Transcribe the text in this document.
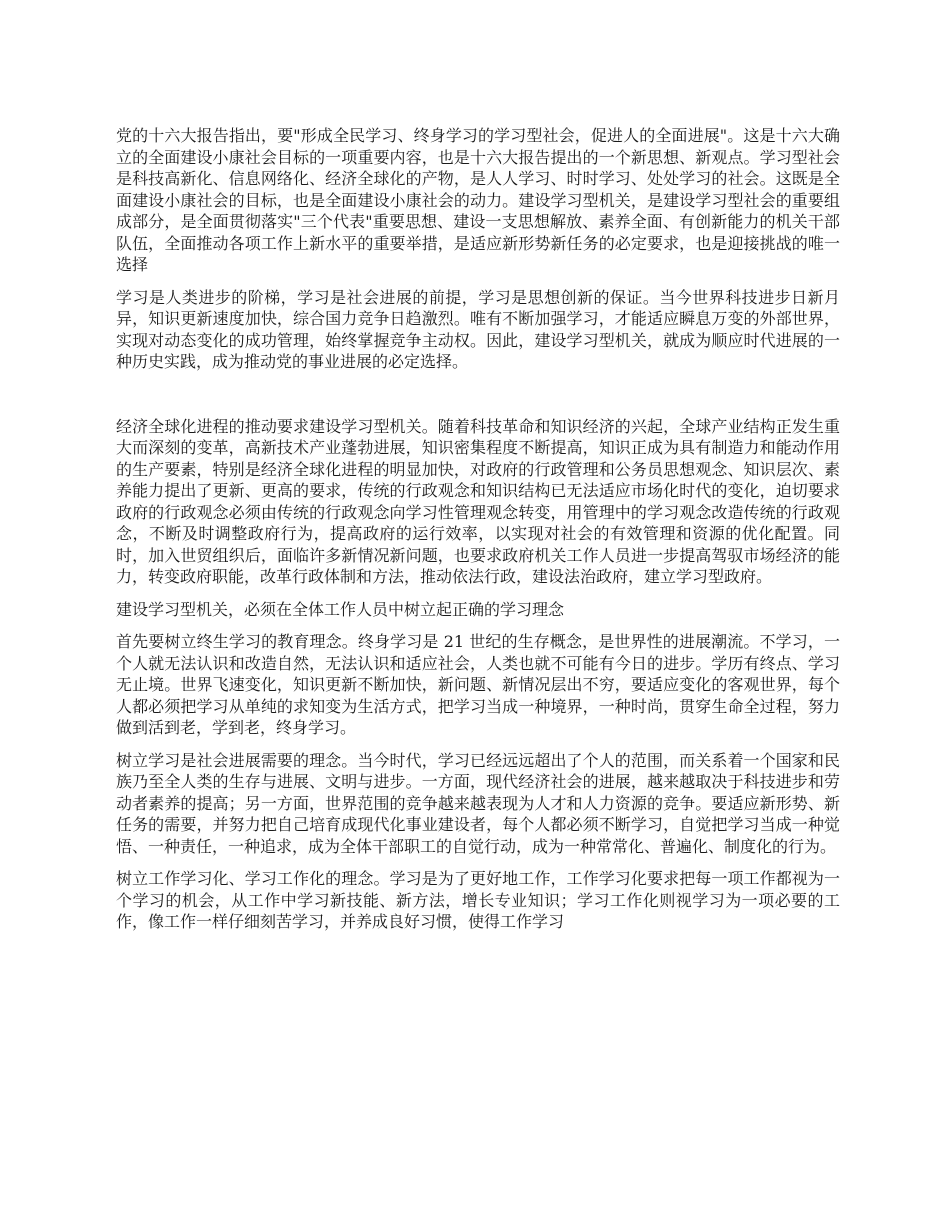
党的十六大报告指出，要"形成全民学习、终身学习的学习型社会，促进人的全面进展"。这是十六大确立的全面建设小康社会目标的一项重要内容，也是十六大报告提出的一个新思想、新观点。学习型社会是科技高新化、信息网络化、经济全球化的产物，是人人学习、时时学习、处处学习的社会。这既是全面建设小康社会的目标，也是全面建设小康社会的动力。建设学习型机关，是建设学习型社会的重要组成部分，是全面贯彻落实"三个代表"重要思想、建设一支思想解放、素养全面、有创新能力的机关干部队伍，全面推动各项工作上新水平的重要举措，是适应新形势新任务的必定要求，也是迎接挑战的唯一选择

学习是人类进步的阶梯，学习是社会进展的前提，学习是思想创新的保证。当今世界科技进步日新月异，知识更新速度加快，综合国力竞争日趋激烈。唯有不断加强学习，才能适应瞬息万变的外部世界，实现对动态变化的成功管理，始终掌握竞争主动权。因此，建设学习型机关，就成为顺应时代进展的一种历史实践，成为推动党的事业进展的必定选择。

经济全球化进程的推动要求建设学习型机关。随着科技革命和知识经济的兴起，全球产业结构正发生重大而深刻的变革，高新技术产业蓬勃进展，知识密集程度不断提高，知识正成为具有制造力和能动作用的生产要素，特别是经济全球化进程的明显加快，对政府的行政管理和公务员思想观念、知识层次、素养能力提出了更新、更高的要求，传统的行政观念和知识结构已无法适应市场化时代的变化，迫切要求政府的行政观念必须由传统的行政观念向学习性管理观念转变，用管理中的学习观念改造传统的行政观念，不断及时调整政府行为，提高政府的运行效率，以实现对社会的有效管理和资源的优化配置。同时，加入世贸组织后，面临许多新情况新问题，也要求政府机关工作人员进一步提高驾驭市场经济的能力，转变政府职能，改革行政体制和方法，推动依法行政，建设法治政府，建立学习型政府。

建设学习型机关，必须在全体工作人员中树立起正确的学习理念

首先要树立终生学习的教育理念。终身学习是 21 世纪的生存概念，是世界性的进展潮流。不学习，一个人就无法认识和改造自然，无法认识和适应社会，人类也就不可能有今日的进步。学历有终点、学习无止境。世界飞速变化，知识更新不断加快，新问题、新情况层出不穷，要适应变化的客观世界，每个人都必须把学习从单纯的求知变为生活方式，把学习当成一种境界，一种时尚，贯穿生命全过程，努力做到活到老，学到老，终身学习。

树立学习是社会进展需要的理念。当今时代，学习已经远远超出了个人的范围，而关系着一个国家和民族乃至全人类的生存与进展、文明与进步。一方面，现代经济社会的进展，越来越取决于科技进步和劳动者素养的提高；另一方面，世界范围的竞争越来越表现为人才和人力资源的竞争。要适应新形势、新任务的需要，并努力把自己培育成现代化事业建设者，每个人都必须不断学习，自觉把学习当成一种觉悟、一种责任，一种追求，成为全体干部职工的自觉行动，成为一种常常化、普遍化、制度化的行为。

树立工作学习化、学习工作化的理念。学习是为了更好地工作，工作学习化要求把每一项工作都视为一个学习的机会，从工作中学习新技能、新方法，增长专业知识；学习工作化则视学习为一项必要的工作，像工作一样仔细刻苦学习，并养成良好习惯，使得工作学习
